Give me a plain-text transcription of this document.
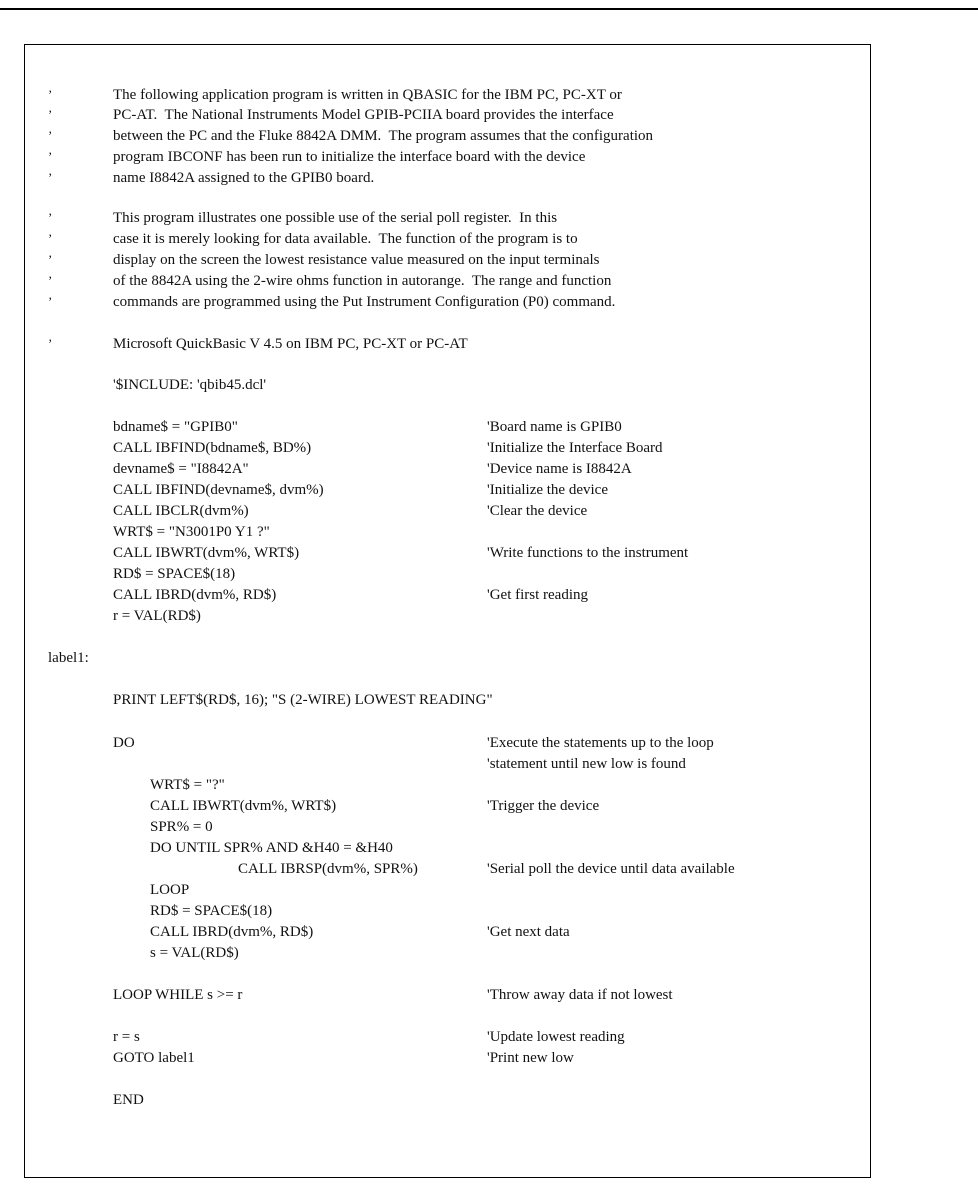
’	The following application program is written in QBASIC for the IBM PC, PC-XT or
’	PC-AT.  The National Instruments Model GPIB-PCIIA board provides the interface
’	between the PC and the Fluke 8842A DMM.  The program assumes that the configuration
’	program IBCONF has been run to initialize the interface board with the device
’	name I8842A assigned to the GPIB0 board.
’	This program illustrates one possible use of the serial poll register.  In this
’	case it is merely looking for data available.  The function of the program is to
’	display on the screen the lowest resistance value measured on the input terminals
’	of the 8842A using the 2-wire ohms function in autorange.  The range and function
’	commands are programmed using the Put Instrument Configuration (P0) command.
’	Microsoft QuickBasic V 4.5 on IBM PC, PC-XT or PC-AT
'$INCLUDE: 'qbib45.dcl'
bdname$ = "GPIB0"	'Board name is GPIB0
CALL IBFIND(bdname$, BD%)	'Initialize the Interface Board
devname$ = "I8842A"	'Device name is I8842A
CALL IBFIND(devname$, dvm%)	'Initialize the device
CALL IBCLR(dvm%)	'Clear the device
WRT$ = "N3001P0 Y1 ?"
CALL IBWRT(dvm%, WRT$)	'Write functions to the instrument
RD$ = SPACE$(18)
CALL IBRD(dvm%, RD$)	'Get first reading
r = VAL(RD$)
label1:
PRINT LEFT$(RD$, 16); "S (2-WIRE) LOWEST READING"
DO	'Execute the statements up to the loop
'statement until new low is found
WRT$ = "?"
CALL IBWRT(dvm%, WRT$)	'Trigger the device
SPR% = 0
DO UNTIL SPR% AND &H40 = &H40
CALL IBRSP(dvm%, SPR%)	'Serial poll the device until data available
LOOP
RD$ = SPACE$(18)
CALL IBRD(dvm%, RD$)	'Get next data
s = VAL(RD$)
LOOP WHILE s >= r	'Throw away data if not lowest
r = s	'Update lowest reading
GOTO label1	'Print new low
END
